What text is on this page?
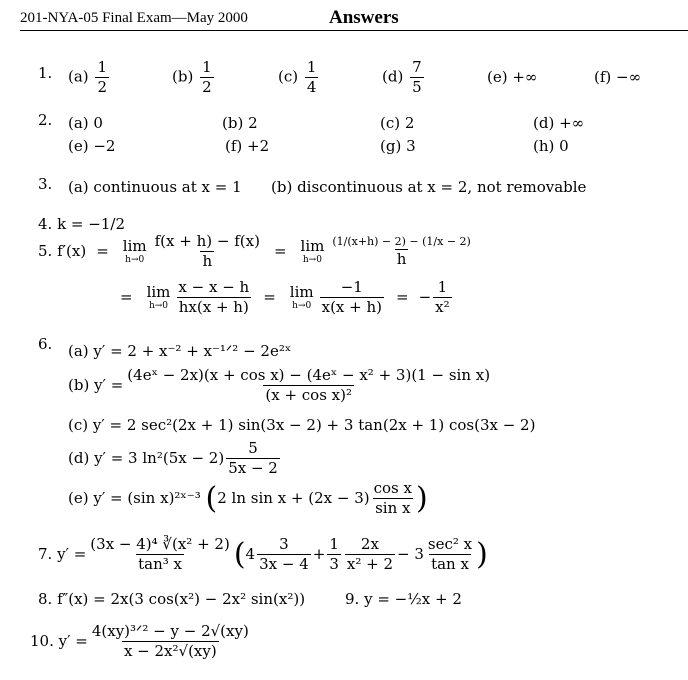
201-NYA-05 Final Exam—May 2000	Answers
1. $(a) \frac{1}{2}$	$(b) \frac{1}{2}$	$(c) \frac{1}{4}$	$(d) \frac{7}{5}$	(e) +∞	(f) −∞
2. (a) 0	(b) 2	(c) 2	(d) +∞
(e) −2	(f) +2	(g) 3	(h) 0
3. (a) continuous at x = 1 (b) discontinuous at x = 2, not removable
4. k = −1/2
5.
f′(x) = lim
$h\to 0 \frac{f(x + h) - f(x)}{h} = \lim$
$h\to 0 \frac{(1/(x+h) - 2) - (1/x - 2)}{h}$
= lim
$h\to 0 \frac{x - x - h}{hx(x + h)} = \lim$
$h\to 0 \frac{-1}{x(x + h)}$ = − $\frac{1}{\text{x²}}$
6. (a) y′ = 2 + x⁻² + x⁻¹ᐟ² − 2e²ˣ
(b) $y' = \frac{\text{(4eˣ − 2x)(x + cos x) − (4eˣ − x² + 3)(1 − sin x)}}{\text{(x + cos x)²}}$
(c) y′ = 2 sec²(2x + 1) sin(3x − 2) + 3 tan(2x + 1) cos(3x − 2)
(d) y′ = 3 $\ln^2(5x - 2) \frac{5}{5x - 2}$
(e) y′ = (sin x)²ˣ⁻³
( 2 $\ln \sin x + (2x - 3) \frac{\text{cos x}}{\text{sin x}}$ )
7. $y' = \frac{\text{(3x − 4)⁴ ∛(x² + 2)}}{\text{tan³ x}}$ ( $4 \frac{3}{3x - 4} + \frac{1}{3} \frac{2x}{\text{x² + 2}} - 3 \frac{\text{sec² x}}{\text{tan x}}$ )
8. f″(x) = 2x(3 cos(x²) − 2x² sin(x²))	9. y = −½x + 2
10. $y' = \frac{\text{4(xy)³ᐟ² − y − 2√(xy)}}{\text{x − 2x²√(xy)}}$
